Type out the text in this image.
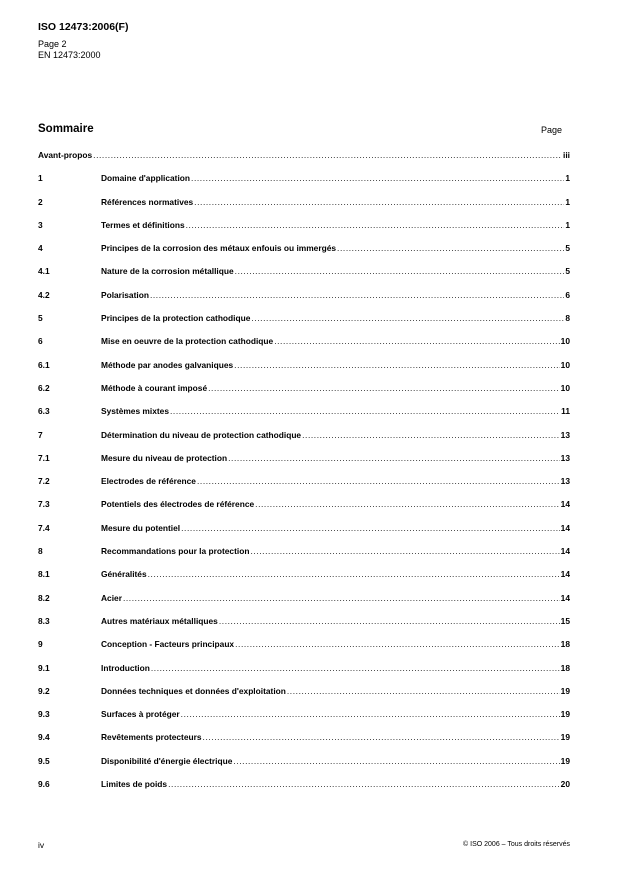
ISO 12473:2006(F)
Page 2
EN 12473:2000
Sommaire	Page
Avant-propos .....	iii
1	Domaine d'application .....	1
2	Références normatives .....	1
3	Termes et définitions .....	1
4	Principes de la corrosion des métaux enfouis ou immergés .....	5
4.1	Nature de la corrosion métallique .....	5
4.2	Polarisation .....	6
5	Principes de la protection cathodique .....	8
6	Mise en oeuvre de la protection cathodique .....	10
6.1	Méthode par anodes galvaniques .....	10
6.2	Méthode à courant imposé .....	10
6.3	Systèmes mixtes .....	11
7	Détermination du niveau de protection cathodique .....	13
7.1	Mesure du niveau de protection .....	13
7.2	Electrodes de référence .....	13
7.3	Potentiels des électrodes de référence .....	14
7.4	Mesure du potentiel .....	14
8	Recommandations pour la protection .....	14
8.1	Généralités .....	14
8.2	Acier .....	14
8.3	Autres matériaux métalliques .....	15
9	Conception - Facteurs principaux .....	18
9.1	Introduction .....	18
9.2	Données techniques et données d'exploitation .....	19
9.3	Surfaces à protéger .....	19
9.4	Revêtements protecteurs .....	19
9.5	Disponibilité d'énergie électrique .....	19
9.6	Limites de poids .....	20
iv	© ISO 2006 – Tous droits réservés
